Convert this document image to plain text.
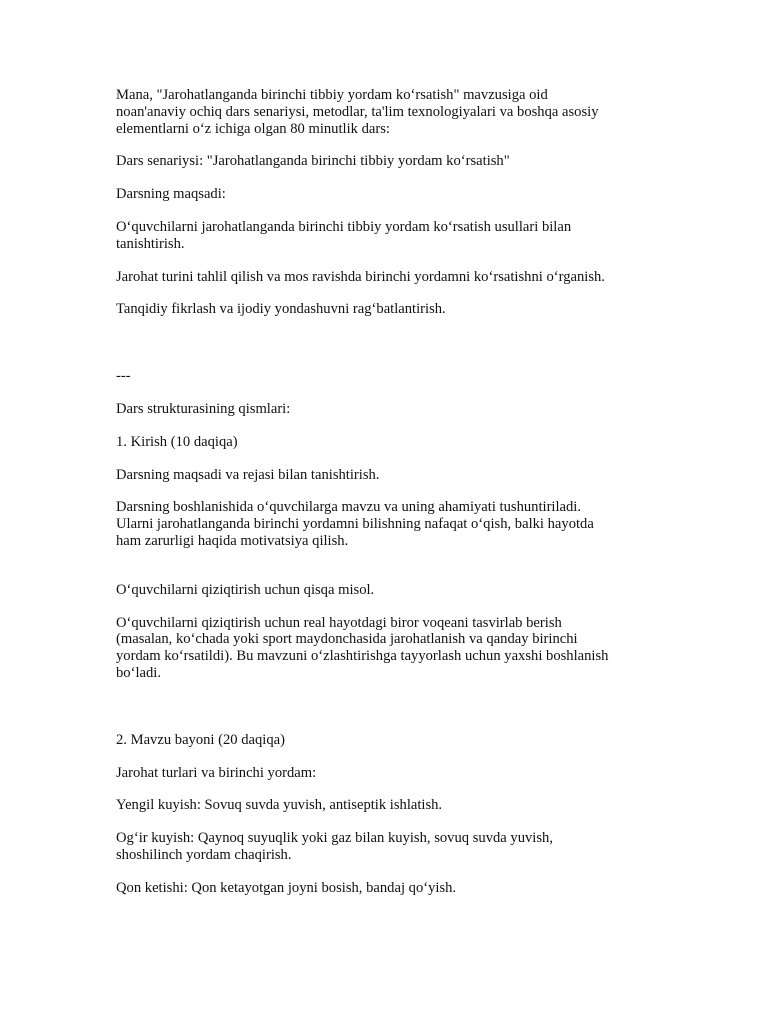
Mana, "Jarohatlanganda birinchi tibbiy yordam ko‘rsatish" mavzusiga oid
noan'anaviy ochiq dars senariysi, metodlar, ta'lim texnologiyalari va boshqa asosiy
elementlarni o‘z ichiga olgan 80 minutlik dars:

Dars senariysi: "Jarohatlanganda birinchi tibbiy yordam ko‘rsatish"

Darsning maqsadi:

O‘quvchilarni jarohatlanganda birinchi tibbiy yordam ko‘rsatish usullari bilan
tanishtirish.

Jarohat turini tahlil qilish va mos ravishda birinchi yordamni ko‘rsatishni o‘rganish.

Tanqidiy fikrlash va ijodiy yondashuvni rag‘batlantirish.

---

Dars strukturasining qismlari:

1. Kirish (10 daqiqa)

Darsning maqsadi va rejasi bilan tanishtirish.

Darsning boshlanishida o‘quvchilarga mavzu va uning ahamiyati tushuntiriladi.
Ularni jarohatlanganda birinchi yordamni bilishning nafaqat o‘qish, balki hayotda
ham zarurligi haqida motivatsiya qilish.

O‘quvchilarni qiziqtirish uchun qisqa misol.

O‘quvchilarni qiziqtirish uchun real hayotdagi biror voqeani tasvirlab berish
(masalan, ko‘chada yoki sport maydonchasida jarohatlanish va qanday birinchi
yordam ko‘rsatildi). Bu mavzuni o‘zlashtirishga tayyorlash uchun yaxshi boshlanish
bo‘ladi.

2. Mavzu bayoni (20 daqiqa)

Jarohat turlari va birinchi yordam:

Yengil kuyish: Sovuq suvda yuvish, antiseptik ishlatish.

Og‘ir kuyish: Qaynoq suyuqlik yoki gaz bilan kuyish, sovuq suvda yuvish,
shoshilinch yordam chaqirish.

Qon ketishi: Qon ketayotgan joyni bosish, bandaj qo‘yish.
